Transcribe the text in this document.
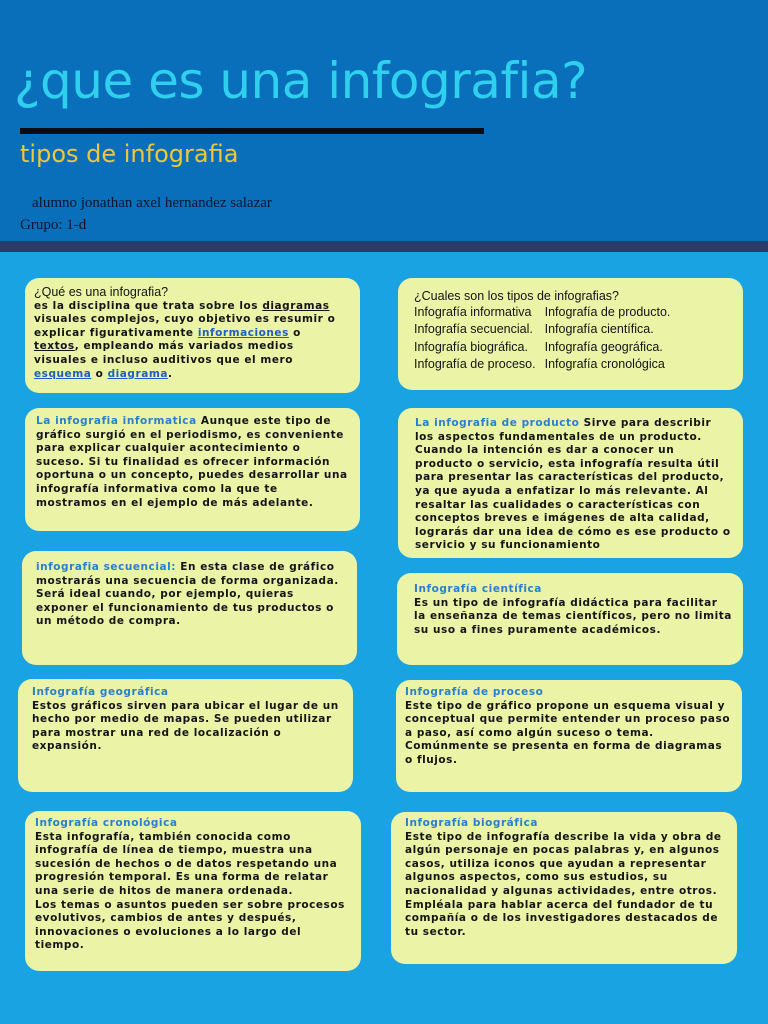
¿que es una infografia?
tipos de infografia
alumno jonathan axel hernandez salazar
Grupo: 1-d

¿Qué es una infografia?

es la disciplina que trata sobre los diagramas visuales complejos, cuyo objetivo es resumir o explicar figurativamente informaciones o textos, empleando más variados medios visuales e incluso auditivos que el mero esquema o diagrama.

La infografia informatica Aunque este tipo de gráfico surgió en el periodismo, es conveniente para explicar cualquier acontecimiento o suceso. Si tu finalidad es ofrecer información oportuna o un concepto, puedes desarrollar una infografía informativa como la que te mostramos en el ejemplo de más adelante.

infografia secuencial: En esta clase de gráfico mostrarás una secuencia de forma organizada. Será ideal cuando, por ejemplo, quieras exponer el funcionamiento de tus productos o un método de compra.

Infografía geográfica

Estos gráficos sirven para ubicar el lugar de un hecho por medio de mapas. Se pueden utilizar para mostrar una red de localización o expansión.

Infografía cronológica

Esta infografía, también conocida como infografía de línea de tiempo, muestra una sucesión de hechos o de datos respetando una progresión temporal. Es una forma de relatar una serie de hitos de manera ordenada.

Los temas o asuntos pueden ser sobre procesos evolutivos, cambios de antes y después, innovaciones o evoluciones a lo largo del tiempo.

¿Cuales son los tipos de infografias?

Infografía informativa	Infografía de producto.
Infografía secuencial.	Infografía científica.
Infografía biográfica.	Infografía geográfica.
Infografía de proceso.	Infografía cronológica

La infografia de producto Sirve para describir los aspectos fundamentales de un producto. Cuando la intención es dar a conocer un producto o servicio, esta infografía resulta útil para presentar las características del producto, ya que ayuda a enfatizar lo más relevante. Al resaltar las cualidades o características con conceptos breves e imágenes de alta calidad, lograrás dar una idea de cómo es ese producto o servicio y su funcionamiento

Infografía científica

Es un tipo de infografía didáctica para facilitar la enseñanza de temas científicos, pero no limita su uso a fines puramente académicos.

Infografía de proceso

Este tipo de gráfico propone un esquema visual y conceptual que permite entender un proceso paso a paso, así como algún suceso o tema. Comúnmente se presenta en forma de diagramas o flujos.

Infografía biográfica

Este tipo de infografía describe la vida y obra de algún personaje en pocas palabras y, en algunos casos, utiliza iconos que ayudan a representar algunos aspectos, como sus estudios, su nacionalidad y algunas actividades, entre otros. Empléala para hablar acerca del fundador de tu compañía o de los investigadores destacados de tu sector.
